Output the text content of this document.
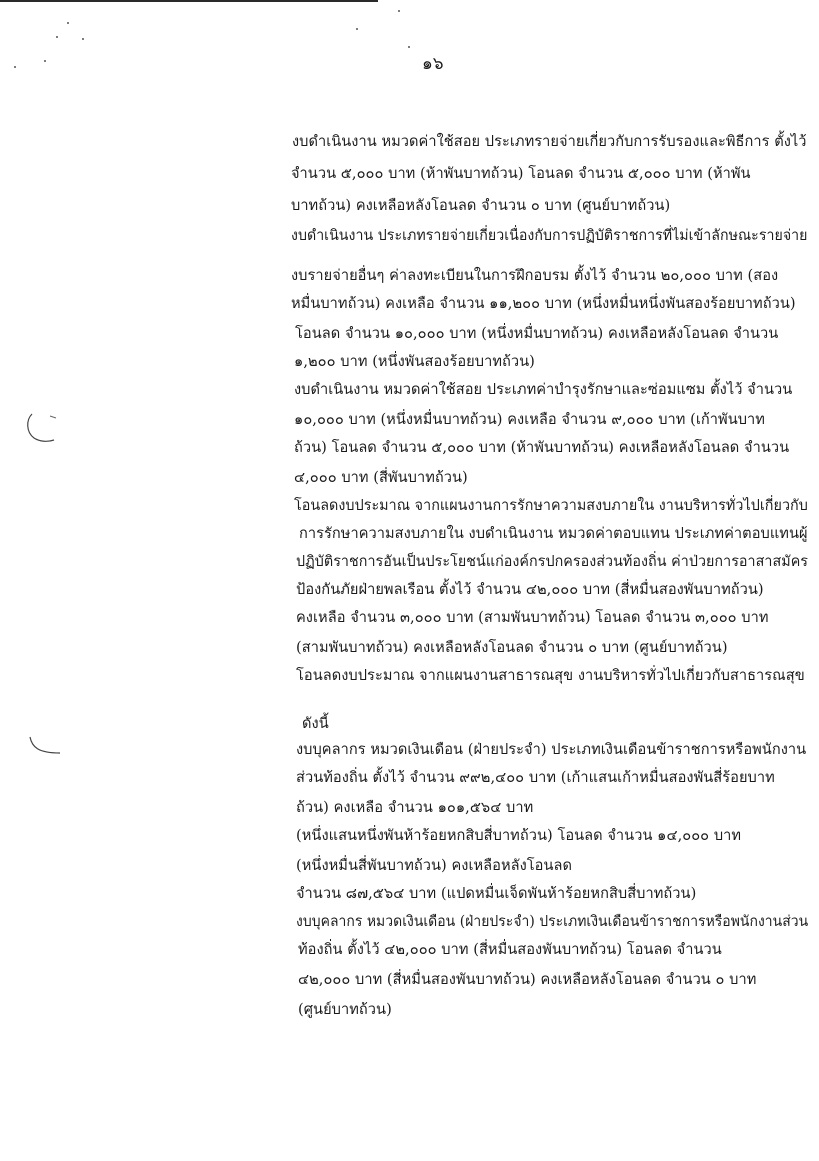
๑๖
งบดำเนินงาน หมวดค่าใช้สอย ประเภทรายจ่ายเกี่ยวกับการรับรองและพิธีการ ตั้งไว้
จำนวน ๕,๐๐๐ บาท (ห้าพันบาทถ้วน) โอนลด จำนวน ๕,๐๐๐ บาท (ห้าพัน
บาทถ้วน) คงเหลือหลังโอนลด จำนวน ๐ บาท (ศูนย์บาทถ้วน)
งบดำเนินงาน ประเภทรายจ่ายเกี่ยวเนื่องกับการปฏิบัติราชการที่ไม่เข้าลักษณะรายจ่าย
งบรายจ่ายอื่นๆ ค่าลงทะเบียนในการฝึกอบรม ตั้งไว้ จำนวน ๒๐,๐๐๐ บาท (สอง
หมื่นบาทถ้วน) คงเหลือ จำนวน ๑๑,๒๐๐ บาท (หนึ่งหมื่นหนึ่งพันสองร้อยบาทถ้วน)
โอนลด จำนวน ๑๐,๐๐๐ บาท (หนึ่งหมื่นบาทถ้วน) คงเหลือหลังโอนลด จำนวน
๑,๒๐๐ บาท (หนึ่งพันสองร้อยบาทถ้วน)
งบดำเนินงาน หมวดค่าใช้สอย ประเภทค่าบำรุงรักษาและซ่อมแซม ตั้งไว้ จำนวน
๑๐,๐๐๐ บาท (หนึ่งหมื่นบาทถ้วน) คงเหลือ จำนวน ๙,๐๐๐ บาท (เก้าพันบาท
ถ้วน) โอนลด จำนวน ๕,๐๐๐ บาท (ห้าพันบาทถ้วน) คงเหลือหลังโอนลด จำนวน
๔,๐๐๐ บาท (สี่พันบาทถ้วน)
โอนลดงบประมาณ จากแผนงานการรักษาความสงบภายใน งานบริหารทั่วไปเกี่ยวกับ
การรักษาความสงบภายใน งบดำเนินงาน หมวดค่าตอบแทน ประเภทค่าตอบแทนผู้
ปฏิบัติราชการอันเป็นประโยชน์แก่องค์กรปกครองส่วนท้องถิ่น ค่าป่วยการอาสาสมัคร
ป้องกันภัยฝ่ายพลเรือน ตั้งไว้ จำนวน ๔๒,๐๐๐ บาท (สี่หมื่นสองพันบาทถ้วน)
คงเหลือ จำนวน ๓,๐๐๐ บาท (สามพันบาทถ้วน) โอนลด จำนวน ๓,๐๐๐ บาท
(สามพันบาทถ้วน) คงเหลือหลังโอนลด จำนวน ๐ บาท (ศูนย์บาทถ้วน)
โอนลดงบประมาณ จากแผนงานสาธารณสุข งานบริหารทั่วไปเกี่ยวกับสาธารณสุข
ดังนี้
งบบุคลากร หมวดเงินเดือน (ฝ่ายประจำ) ประเภทเงินเดือนข้าราชการหรือพนักงาน
ส่วนท้องถิ่น ตั้งไว้ จำนวน ๙๙๒,๔๐๐ บาท (เก้าแสนเก้าหมื่นสองพันสี่ร้อยบาท
ถ้วน) คงเหลือ จำนวน ๑๐๑,๕๖๔ บาท
(หนึ่งแสนหนึ่งพันห้าร้อยหกสิบสี่บาทถ้วน) โอนลด จำนวน ๑๔,๐๐๐ บาท
(หนึ่งหมื่นสี่พันบาทถ้วน) คงเหลือหลังโอนลด
จำนวน ๘๗,๕๖๔ บาท (แปดหมื่นเจ็ดพันห้าร้อยหกสิบสี่บาทถ้วน)
งบบุคลากร หมวดเงินเดือน (ฝ่ายประจำ) ประเภทเงินเดือนข้าราชการหรือพนักงานส่วน
ท้องถิ่น ตั้งไว้ ๔๒,๐๐๐ บาท (สี่หมื่นสองพันบาทถ้วน) โอนลด จำนวน
๔๒,๐๐๐ บาท (สี่หมื่นสองพันบาทถ้วน) คงเหลือหลังโอนลด จำนวน ๐ บาท
(ศูนย์บาทถ้วน)
